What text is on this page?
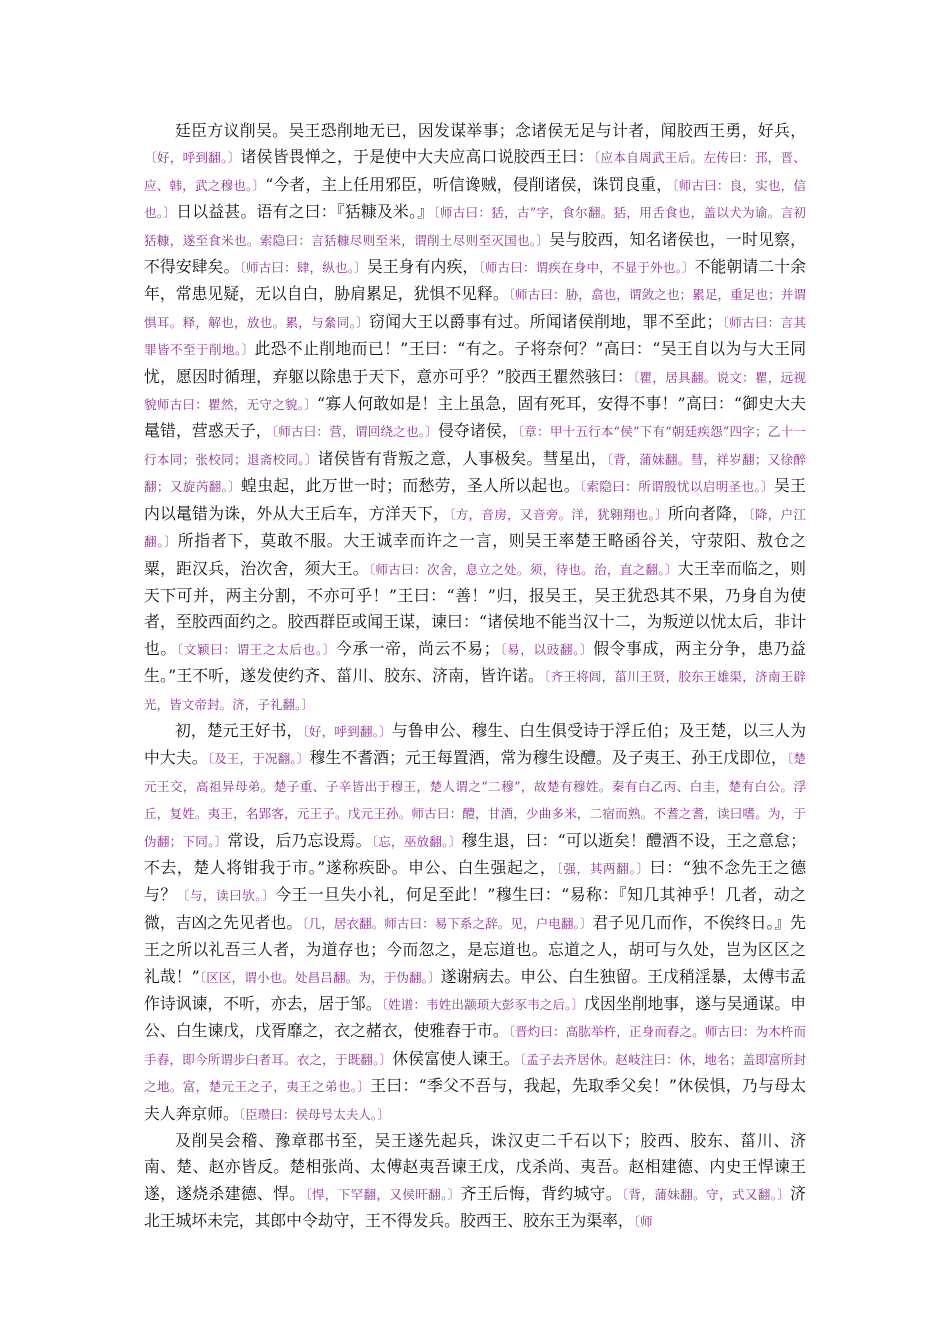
廷臣方议削吴。吴王恐削地无已，因发谋举事；念诸侯无足与计者，闻胶西王勇，好兵，〔好，呼到翻。〕诸侯皆畏惮之，于是使中大夫应高口说胶西王曰：〔应本自周武王后。左传曰：邘，晋、应、韩，武之穆也。〕“今者，主上任用邪臣，听信谗贼，侵削诸侯，诛罚良重，〔师古曰：良，实也，信也。〕日以益甚。语有之曰：『狧糠及米。』〔师古曰：狧，古”字，食尔翻。狧，用舌食也，盖以犬为谕。言初狧糠，遂至食米也。索隐曰：言狧糠尽则至米，谓削土尽则至灭国也。〕吴与胶西，知名诸侯也，一时见察，不得安肆矣。〔师古曰：肆，纵也。〕吴王身有内疾，〔师古曰：谓疾在身中，不显于外也。〕不能朝请二十余年，常患见疑，无以自白，胁肩累足，犹惧不见释。〔师古曰：胁，翕也，谓敛之也；累足，重足也；并谓惧耳。释，解也，放也。累，与絫同。〕窃闻大王以爵事有过。所闻诸侯削地，罪不至此；〔师古曰：言其罪皆不至于削地。〕此恐不止削地而已！”王曰：“有之。子将奈何？”高曰：“吴王自以为与大王同忧，愿因时循理，弃躯以除患于天下，意亦可乎？”胶西王瞿然骇曰：〔瞿，居具翻。说文：瞿，远视貌师古曰：瞿然，无守之貌。〕“寡人何敢如是！主上虽急，固有死耳，安得不事！”高曰：“御史大夫鼌错，营惑天子，〔师古曰：营，谓回绕之也。〕侵夺诸侯，〔章：甲十五行本“侯”下有“朝廷疾怨”四字；乙十一行本同；张校同；退斋校同。〕诸侯皆有背叛之意，人事极矣。彗星出，〔背，蒲妹翻。彗，祥岁翻；又徐醉翻；又旋芮翻。〕蝗虫起，此万世一时；而愁劳，圣人所以起也。〔索隐曰：所谓殷忧以启明圣也。〕吴王内以鼌错为诛，外从大王后车，方洋天下，〔方，音房，又音旁。洋，犹翱翔也。〕所向者降，〔降，户江翻。〕所指者下，莫敢不服。大王诚幸而许之一言，则吴王率楚王略函谷关，守荥阳、敖仓之粟，距汉兵，治次舍，须大王。〔师古曰：次舍，息立之处。须，待也。治，直之翻。〕大王幸而临之，则天下可并，两主分割，不亦可乎！”王曰：“善！”归，报吴王，吴王犹恐其不果，乃身自为使者，至胶西面约之。胶西群臣或闻王谋，谏曰：“诸侯地不能当汉十二，为叛逆以忧太后，非计也。〔文颖曰：谓王之太后也。〕今承一帝，尚云不易；〔易，以豉翻。〕假令事成，两主分争，患乃益生。”王不听，遂发使约齐、菑川、胶东、济南，皆许诺。〔齐王将闾，菑川王贤，胶东王雄渠，济南王辟光，皆文帝封。济，子礼翻。〕

初，楚元王好书，〔好，呼到翻。〕与鲁申公、穆生、白生俱受诗于浮丘伯；及王楚，以三人为中大夫。〔及王，于况翻。〕穆生不耆酒；元王每置酒，常为穆生设醴。及子夷王、孙王戊即位，〔楚元王交，高祖异母弟。楚子重、子辛皆出于穆王，楚人谓之“二穆”，故楚有穆姓。秦有白乙丙、白圭，楚有白公。浮丘，复姓。夷王，名郢客，元王子。戊元王孙。师古曰：醴，甘酒，少曲多米，二宿而熟。不耆之耆，读曰嗜。为，于伪翻；下同。〕常设，后乃忘设焉。〔忘，巫放翻。〕穆生退，曰：“可以逝矣！醴酒不设，王之意怠；不去，楚人将钳我于市。”遂称疾卧。申公、白生强起之，〔强，其两翻。〕曰：“独不念先王之德与？〔与，读曰欤。〕今王一旦失小礼，何足至此！”穆生曰：“易称：『知几其神乎！几者，动之微，吉凶之先见者也。〔几，居衣翻。师古曰：易下系之辞。见，户电翻。〕君子见几而作，不俟终日。』先王之所以礼吾三人者，为道存也；今而忽之，是忘道也。忘道之人，胡可与久处，岂为区区之礼哉！”〔区区，谓小也。处昌吕翻。为，于伪翻。〕遂谢病去。申公、白生独留。王戊稍淫暴，太傅韦孟作诗讽谏，不听，亦去，居于邹。〔姓谱：韦姓出颛顼大彭豕韦之后。〕戊因坐削地事，遂与吴通谋。申公、白生谏戊，戊胥靡之，衣之赭衣，使雅舂于市。〔晋灼曰：高肱举杵，正身而舂之。师古曰：为木杵而手舂，即今所谓步臼者耳。衣之，于既翻。〕休侯富使人谏王。〔孟子去齐居休。赵岐注曰：休，地名；盖即富所封之地。富，楚元王之子，夷王之弟也。〕王曰：“季父不吾与，我起，先取季父矣！”休侯惧，乃与母太夫人奔京师。〔臣瓒曰：侯母号太夫人。〕

及削吴会稽、豫章郡书至，吴王遂先起兵，诛汉吏二千石以下；胶西、胶东、菑川、济南、楚、赵亦皆反。楚相张尚、太傅赵夷吾谏王戊，戊杀尚、夷吾。赵相建德、内史王悍谏王遂，遂烧杀建德、悍。〔悍，下罕翻，又侯旰翻。〕齐王后悔，背约城守。〔背，蒲妹翻。守，式又翻。〕济北王城坏未完，其郎中令劫守，王不得发兵。胶西王、胶东王为渠率，〔师
